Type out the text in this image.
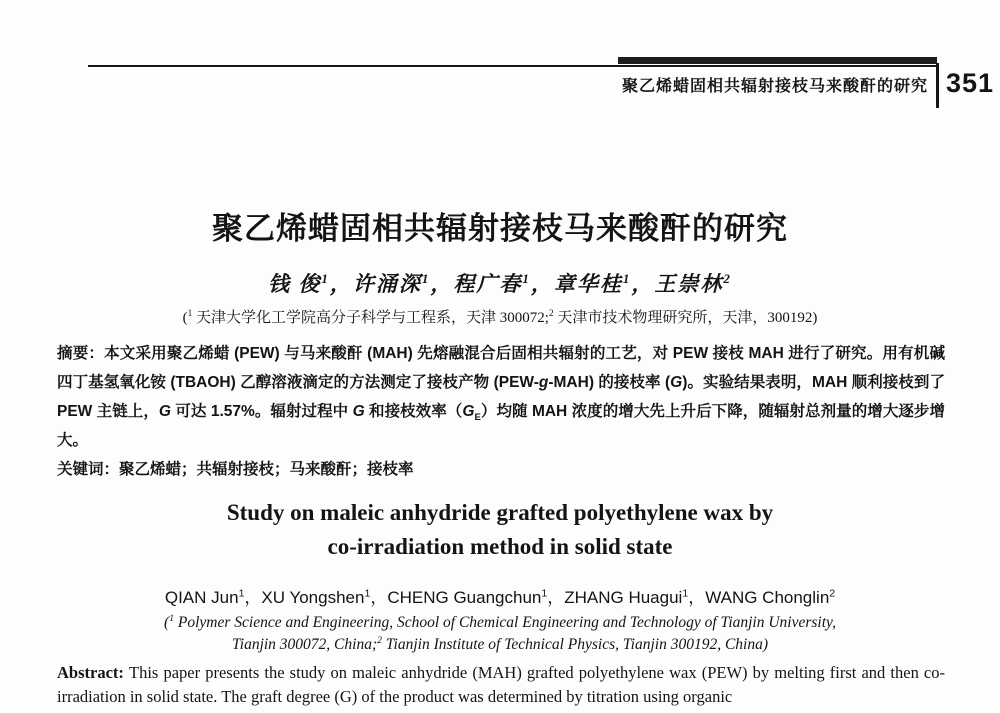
聚乙烯蜡固相共辐射接枝马来酸酐的研究 351
聚乙烯蜡固相共辐射接枝马来酸酐的研究
钱 俊$^1$，许涌深$^1$，程广春$^1$，章华桂$^1$，王崇林$^2$
($^1$ 天津大学化工学院高分子科学与工程系，天津 300072;$^2$ 天津市技术物理研究所，天津，300192)

摘要：本文采用聚乙烯蜡 (PEW) 与马来酸酐 (MAH) 先熔融混合后固相共辐射的工艺，对 PEW 接枝 MAH 进行了研究。用有机碱四丁基氢氧化铵 (TBAOH) 乙醇溶液滴定的方法测定了接枝产物 (PEW-g-MAH) 的接枝率 (G)。实验结果表明，MAH 顺利接枝到了 PEW 主链上，G 可达 1.57%。辐射过程中 G 和接枝效率$(G_E)$均随 MAH 浓度的增大先上升后下降，随辐射总剂量的增大逐步增大。

关键词：聚乙烯蜡；共辐射接枝；马来酸酐；接枝率

Study on maleic anhydride grafted polyethylene wax by
co-irradiation method in solid state
QIAN Jun$^1$，XU Yongshen$^1$，CHENG Guangchun$^1$，ZHANG Huagui$^1$，WANG Chonglin$^2$
($^1$ Polymer Science and Engineering, School of Chemical Engineering and Technology of Tianjin University,
Tianjin 300072, China;$^2$ Tianjin Institute of Technical Physics, Tianjin 300192, China)

Abstract: This paper presents the study on maleic anhydride (MAH) grafted polyethylene wax (PEW) by melting first and then co-irradiation in solid state. The graft degree (G) of the product was determined by titration using organic
